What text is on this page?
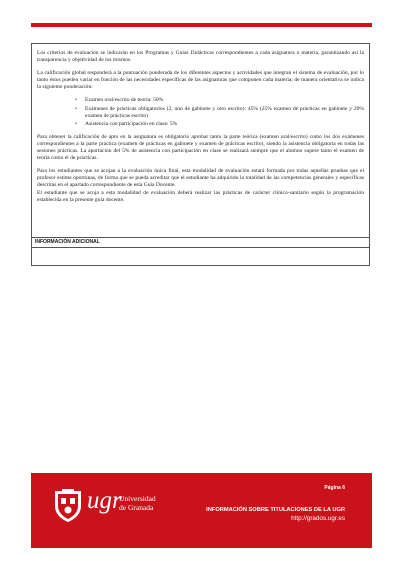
Los criterios de evaluación se indicarán en los Programas y Guías Didácticas correspondientes a cada asignatura o materia, garantizando así la transparencia y objetividad de los mismos.

La calificación global responderá a la puntuación ponderada de los diferentes aspectos y actividades que integran el sistema de evaluación, por lo tanto éstos pueden variar en función de las necesidades específicas de las asignaturas que componen cada materia; de manera orientativa se indica la siguiente ponderación:

• Examen oral/escrito de teoría: 50%
• Exámenes de prácticas obligatorios (2, uno de gabinete y otro escrito): 45% (25% examen de prácticas en gabinete y 20% examen de prácticas escrito)
• Asistencia con participación en clase: 5%

Para obtener la calificación de apto en la asignatura es obligatorio aprobar tanto la parte teórica (examen oral/escrito) como los dos exámenes correspondientes a la parte práctica (examen de prácticas en gabinete y examen de prácticas escrito), siendo la asistencia obligatoria en todas las sesiones prácticas. La aportación del 5% de asistencia con participación en clase se realizará siempre que el alumno supere tanto el examen de teoría como el de prácticas.

Para los estudiantes que se acojan a la evaluación única final, esta modalidad de evaluación estará formada por todas aquellas pruebas que el profesor estime oportunas, de forma que se pueda acreditar que el estudiante ha adquirido la totalidad de las competencias generales y específicas descritas en el apartado correspondiente de esta Guía Docente.
El estudiante que se acoja a esta modalidad de evaluación deberá realizar las prácticas de carácter clínico-sanitario según la programación establecida en la presente guía docente.

INFORMACIÓN ADICIONAL
ugr
Universidad
de Granada
Página 6
INFORMACIÓN SOBRE TITULACIONES DE LA UGR
http://grados.ugr.es
